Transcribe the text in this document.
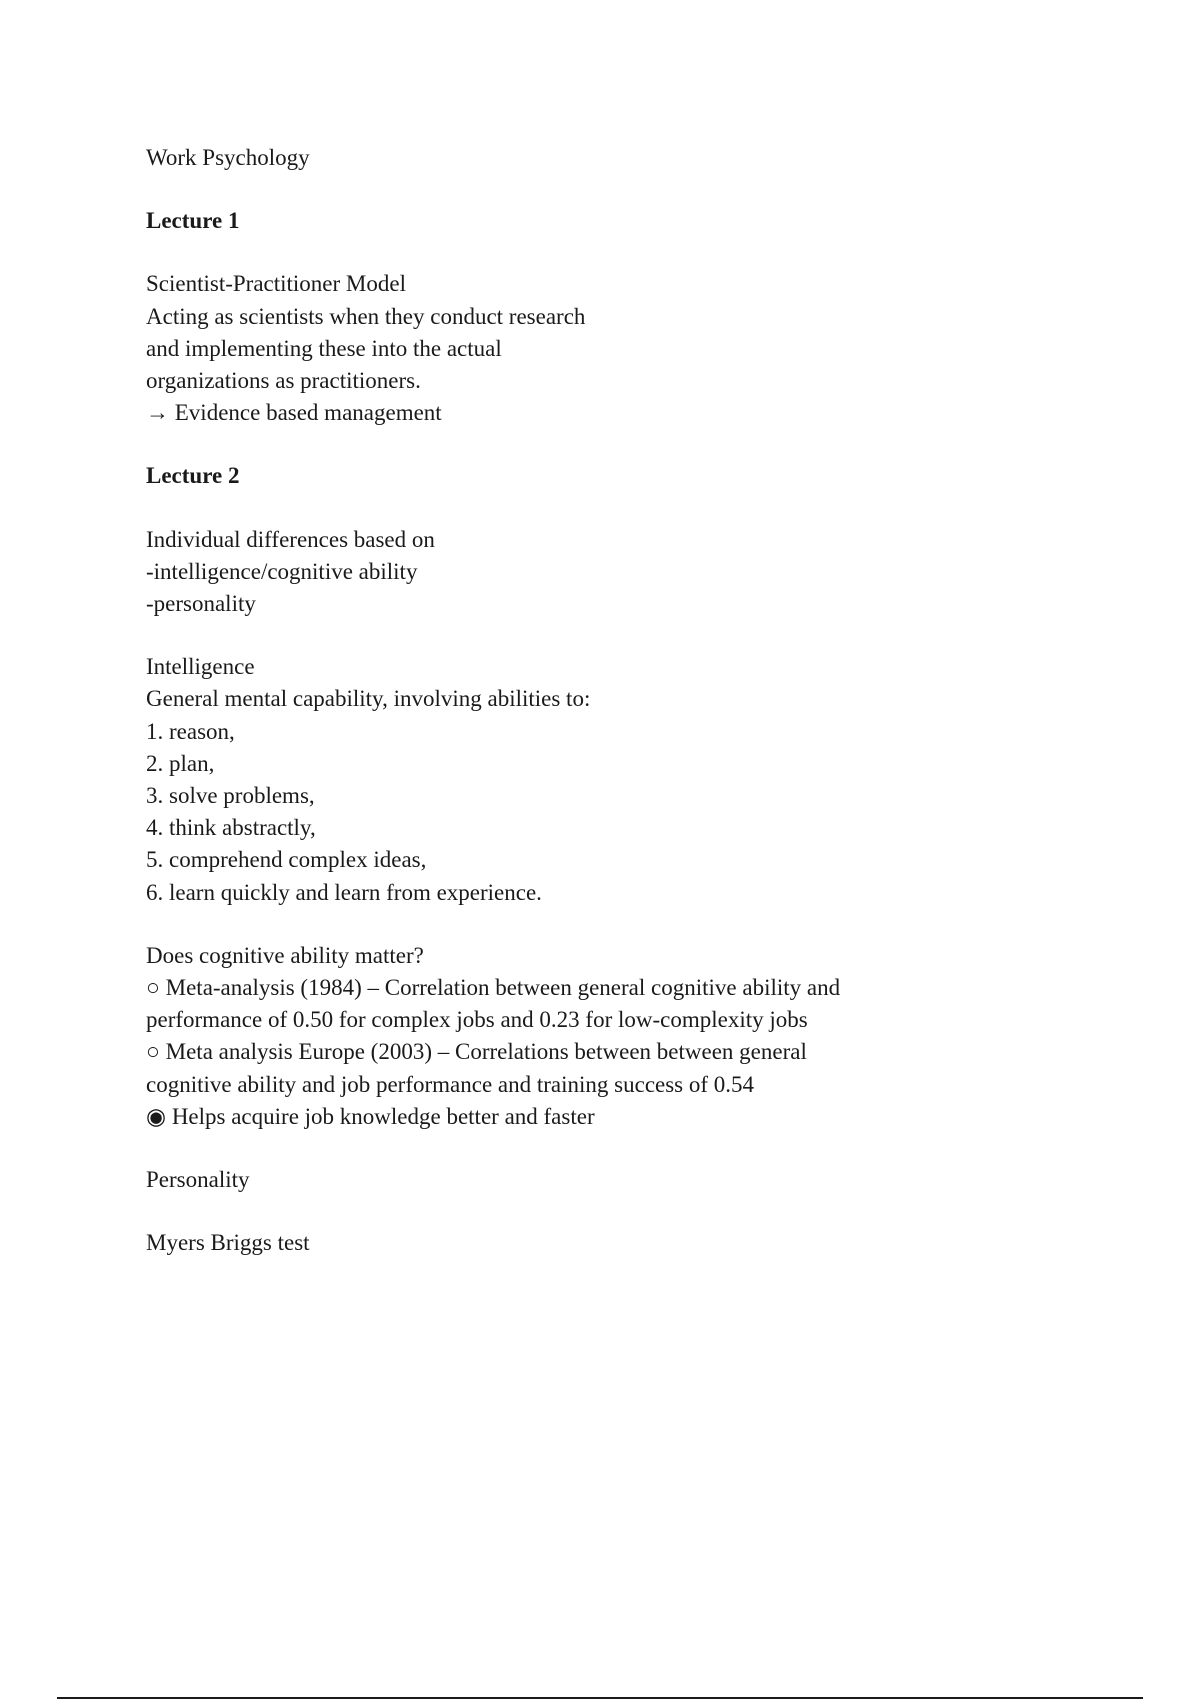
Work Psychology
Lecture 1
Scientist-Practitioner Model
Acting as scientists when they conduct research
and implementing these into the actual
organizations as practitioners.
→ Evidence based management
Lecture 2
Individual differences based on
-intelligence/cognitive ability
-personality
Intelligence
General mental capability, involving abilities to:
1. reason,
2. plan,
3. solve problems,
4. think abstractly,
5. comprehend complex ideas,
6. learn quickly and learn from experience.
Does cognitive ability matter?
○ Meta-analysis (1984) – Correlation between general cognitive ability and
performance of 0.50 for complex jobs and 0.23 for low-complexity jobs
○ Meta analysis Europe (2003) – Correlations between between general
cognitive ability and job performance and training success of 0.54
◉ Helps acquire job knowledge better and faster
Personality
Myers Briggs test
